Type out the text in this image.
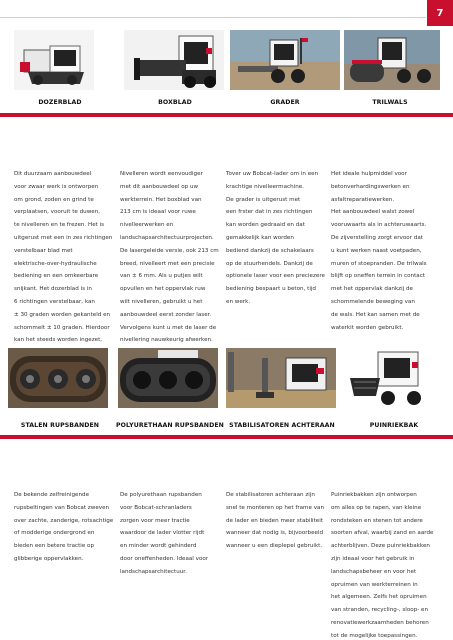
7
DOZERBLAD	BOXBLAD	GRADER	TRILWALS
Dit duurzaam aanbouwdeel
voor zwaar werk is ontworpen
om grond, zoden en grind te
verplaatsen, vooruit te duwen,
te nivelleren en te frezen. Het is
uitgerust met een in zes richtingen
verstelbaar blad met
elektrische-over-hydraulische
bediening en een omkeerbare
snijkant. Het dozerblad is in
6 richtingen verstelbaar, kan
± 30 graden worden gekanteld en
schommelt ± 10 graden. Hierdoor
kan het steeds worden ingezet,
Nivelleren wordt eenvoudiger
met dit aanbouwdeel op uw
werkterrein. Het boxblad van
213 cm is ideaal voor ruwe
nivelleerwerken en
landschapsarchitectuurprojecten.
De lasergeleide versie, ook 213 cm
breed, nivelleert met een precisie
van ± 6 mm. Als u putjes wilt
opvullen en het oppervlak ruw
wilt nivelleren, gebruikt u het
aanbouwdeel eerst zonder laser.
Vervolgens kunt u met de laser de
nivellering nauwkeurig afwerken.
Tover uw Bobcat-lader om in een
krachtige nivelleermachine.
De grader is uitgerust met
een frster dat in zes richtingen
kan worden gedraaid en dat
gemakkelijk kan worden
bediend dankzij de schakelaars
op de stuurhendels. Dankzij de
optionele laser voor een preciezere
bediening bespaart u beton, tijd
en werk.
Het ideale hulpmiddel voor
betonverhardingswerken en
asfaltreparatiewerken.
Het aanbouwdeel walst zowel
vooruwaarts als in achteruwaarts.
De zijverstelling zorgt ervoor dat
u kunt werken naast voetpaden,
muren of stoepranden. De trilwals
blijft op oneffen terrein in contact
met het oppervlak dankzij de
schommelende beweging van
de wals. Het kan samen met de
waterkit worden gebruikt.
STALEN RUPSBANDEN	POLYURETHAAN RUPSBANDEN STABILISATOREN ACHTERAAN	PUINRIEKBAK
De bekende zelfreinigende
rupsbeltingen van Bobcat zweven
over zachte, zanderige, rotsachtige
of modderige ondergrond en
bieden een betere tractie op
glibberige oppervlakken.
De polyurethaan rupsbanden
voor Bobcat-schranladers
zorgen voor meer tractie
waardoor de lader vlotter rijdt
en minder wordt gehinderd
door oneffenheden. Ideaal voor
landschapsarchitectuur.
De stabilisatoren achteraan zijn
snel te monteren op het frame van
de lader en bieden meer stabiliteit
wanneer dat nodig is, bijvoorbeeld
wanneer u een dieplepel gebruikt.
Puinriekbakken zijn ontworpen
om alles op te rapen, van kleine
rondsteken en stenen tot andere
soorten afval, waarbij zand en aarde
achterblijven. Deze puinriekbakken
zijn ideaal voor het gebruik in
landschapsbeheer en voor het
opruimen van werkterreinen in
het algemeen. Zelfs het opruimen
van stranden, recycling-, sloop- en
renovatiewerkzaamheden behoren
tot de mogelijke toepassingen.
